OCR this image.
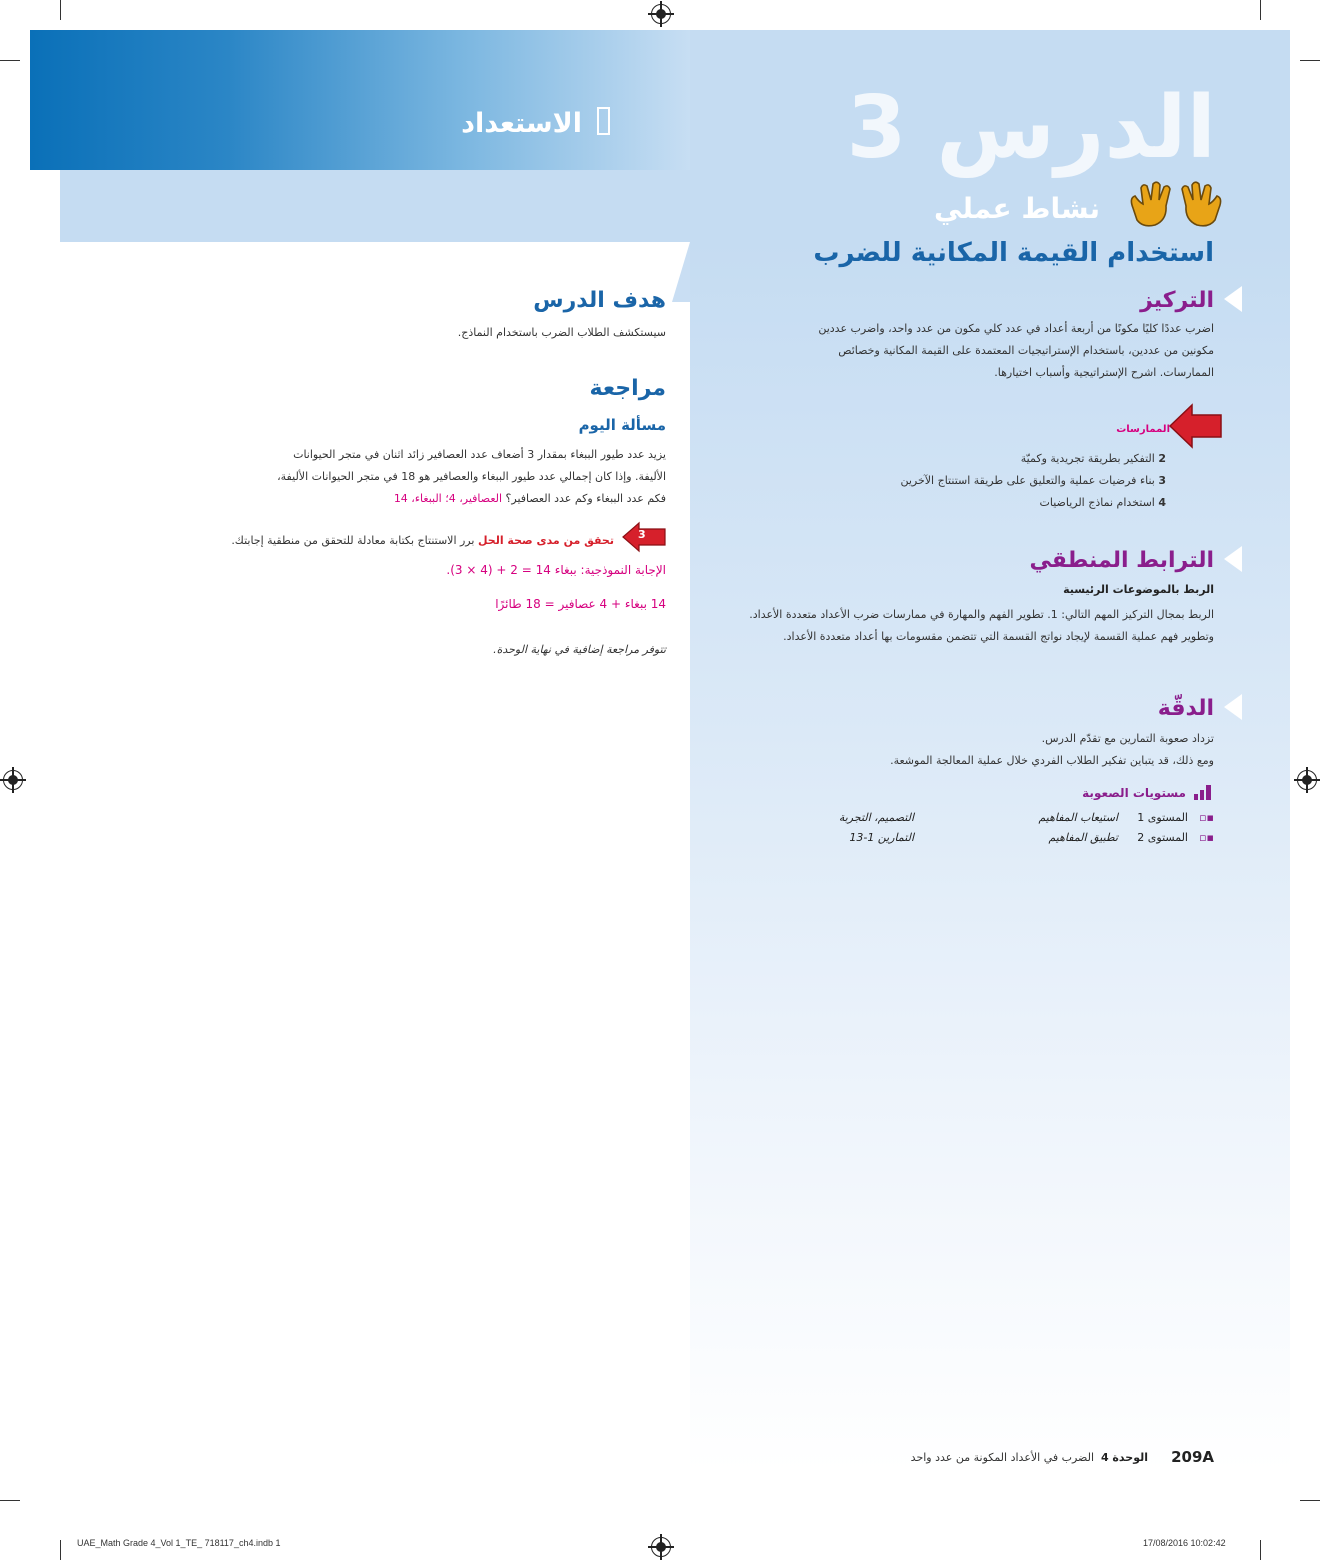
الدرس 3
الاستعداد
نشاط عملي
استخدام القيمة المكانية للضرب
التركيز
اضرب عددًا كليًا مكونًا من أربعة أعداد في عدد كلي مكون من عدد واحد، واضرب عددين
مكونين من عددين، باستخدام الإستراتيجيات المعتمدة على القيمة المكانية وخصائص
الممارسات. اشرح الإستراتيجية وأسباب اختيارها.
الممارسات
2 التفكير بطريقة تجريدية وكميّة
3 بناء فرضيات عملية والتعليق على طريقة استنتاج الآخرين
4 استخدام نماذج الرياضيات
الترابط المنطقي
الربط بالموضوعات الرئيسية
الربط بمجال التركيز المهم التالي: 1. تطوير الفهم والمهارة في ممارسات ضرب الأعداد متعددة الأعداد.
وتطوير فهم عملية القسمة لإيجاد نواتج القسمة التي تتضمن مقسومات بها أعداد متعددة الأعداد.
الدقّة
تزداد صعوبة التمارين مع تقدّم الدرس.
ومع ذلك، قد يتباين تفكير الطلاب الفردي خلال عملية المعالجة الموشعة.
مستويات الصعوبة
▪▫
المستوى 1
استيعاب المفاهيم
التصميم، التجربة
▪▫
المستوى 2
تطبيق المفاهيم
التمارين 1-13
هدف الدرس
سيستكشف الطلاب الضرب باستخدام النماذج.
مراجعة
مسألة اليوم
يزيد عدد طيور الببغاء بمقدار 3 أضعاف عدد العصافير زائد اثنان في متجر الحيوانات
الأليفة. وإذا كان إجمالي عدد طيور الببغاء والعصافير هو 18 في متجر الحيوانات الأليفة،
فكم عدد الببغاء وكم عدد العصافير؟ العصافير، 4؛ الببغاء، 14
3
تحقق من مدى صحة الحل برر الاستنتاج بكتابة معادلة للتحقق من منطقية إجابتك.
الإجابة النموذجية: ببغاء 14 = 2 + (4 × 3).
14 ببغاء + 4 عصافير = 18 طائرًا
تتوفر مراجعة إضافية في نهاية الوحدة.
209A
الوحدة 4
الضرب في الأعداد المكونة من عدد واحد
UAE_Math Grade 4_Vol 1_TE_ 718117_ch4.indb 1	17/08/2016 10:02:42
